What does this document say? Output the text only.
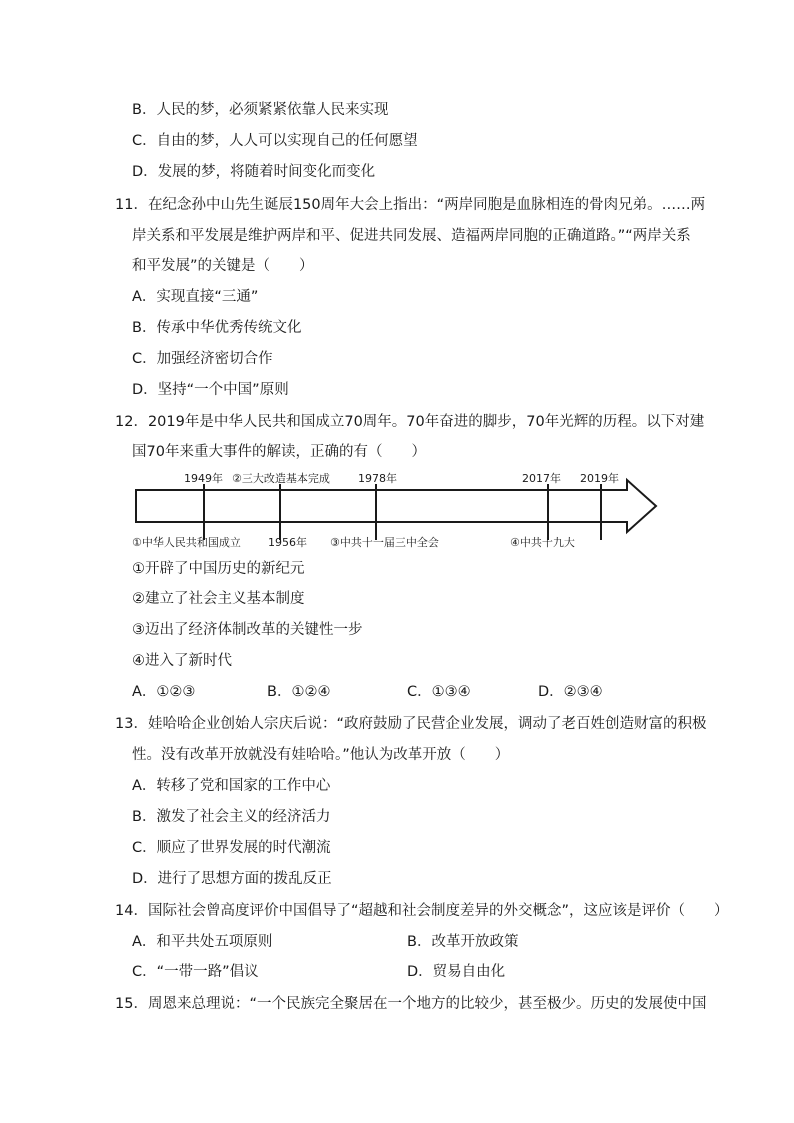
B．人民的梦，必须紧紧依靠人民来实现
C．自由的梦，人人可以实现自己的任何愿望
D．发展的梦，将随着时间变化而变化
11．在纪念孙中山先生诞辰150周年大会上指出：“两岸同胞是血脉相连的骨肉兄弟。……两
岸关系和平发展是维护两岸和平、促进共同发展、造福两岸同胞的正确道路。”“两岸关系
和平发展”的关键是（　　）
A．实现直接“三通”
B．传承中华优秀传统文化
C．加强经济密切合作
D．坚持“一个中国”原则
12．2019年是中华人民共和国成立70周年。70年奋进的脚步，70年光辉的历程。以下对建
国70年来重大事件的解读，正确的有（　　）
1949年 ②三大改造基本完成	1978年	2017年 2019年
①中华人民共和国成立 1956年 ③中共十一届三中全会	④中共十九大
①开辟了中国历史的新纪元
②建立了社会主义基本制度
③迈出了经济体制改革的关键性一步
④进入了新时代
A．①②③	B．①②④	C．①③④	D．②③④
13．娃哈哈企业创始人宗庆后说：“政府鼓励了民营企业发展，调动了老百姓创造财富的积极
性。没有改革开放就没有娃哈哈。”他认为改革开放（　　）
A．转移了党和国家的工作中心
B．激发了社会主义的经济活力
C．顺应了世界发展的时代潮流
D．进行了思想方面的拨乱反正
14．国际社会曾高度评价中国倡导了“超越和社会制度差异的外交概念”，这应该是评价（　　）
A．和平共处五项原则	B．改革开放政策
C．“一带一路”倡议	D．贸易自由化
15．周恩来总理说：“一个民族完全聚居在一个地方的比较少，甚至极少。历史的发展使中国
